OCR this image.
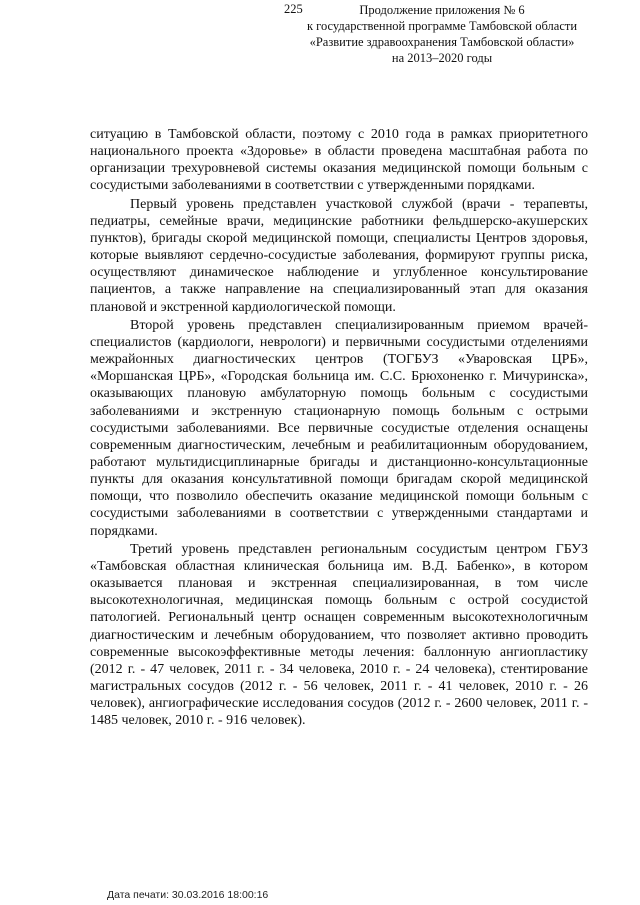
225	Продолжение приложения № 6
к государственной программе Тамбовской области
«Развитие здравоохранения Тамбовской области»
на 2013–2020 годы

ситуацию в Тамбовской области, поэтому с 2010 года в рамках приоритетного национального проекта «Здоровье» в области проведена масштабная работа по организации трехуровневой системы оказания медицинской помощи больным с сосудистыми заболеваниями в соответствии с утвержденными порядками.

Первый уровень представлен участковой службой (врачи - терапевты, педиатры, семейные врачи, медицинские работники фельдшерско-акушерских пунктов), бригады скорой медицинской помощи, специалисты Центров здоровья, которые выявляют сердечно-сосудистые заболевания, формируют группы риска, осуществляют динамическое наблюдение и углубленное консультирование пациентов, а также направление на специализированный этап для оказания плановой и экстренной кардиологической помощи.

Второй уровень представлен специализированным приемом врачей-специалистов (кардиологи, неврологи) и первичными сосудистыми отделениями межрайонных диагностических центров (ТОГБУЗ «Уваровская ЦРБ», «Моршанская ЦРБ», «Городская больница им. С.С. Брюхоненко г. Мичуринска», оказывающих плановую амбулаторную помощь больным с сосудистыми заболеваниями и экстренную стационарную помощь больным с острыми сосудистыми заболеваниями. Все первичные сосудистые отделения оснащены современным диагностическим, лечебным и реабилитационным оборудованием, работают мультидисциплинарные бригады и дистанционно-консультационные пункты для оказания консультативной помощи бригадам скорой медицинской помощи, что позволило обеспечить оказание медицинской помощи больным с сосудистыми заболеваниями в соответствии с утвержденными стандартами и порядками.

Третий уровень представлен региональным сосудистым центром ГБУЗ «Тамбовская областная клиническая больница им. В.Д. Бабенко», в котором оказывается плановая и экстренная специализированная, в том числе высокотехнологичная, медицинская помощь больным с острой сосудистой патологией. Региональный центр оснащен современным высокотехнологичным диагностическим и лечебным оборудованием, что позволяет активно проводить современные высокоэффективные методы лечения: баллонную ангиопластику (2012 г. - 47 человек, 2011 г. - 34 человека, 2010 г. - 24 человека), стентирование магистральных сосудов (2012 г. - 56 человек, 2011 г. - 41 человек, 2010 г. - 26 человек), ангиографические исследования сосудов (2012 г. - 2600 человек, 2011 г. - 1485 человек, 2010 г. - 916 человек).

Дата печати: 30.03.2016 18:00:16
